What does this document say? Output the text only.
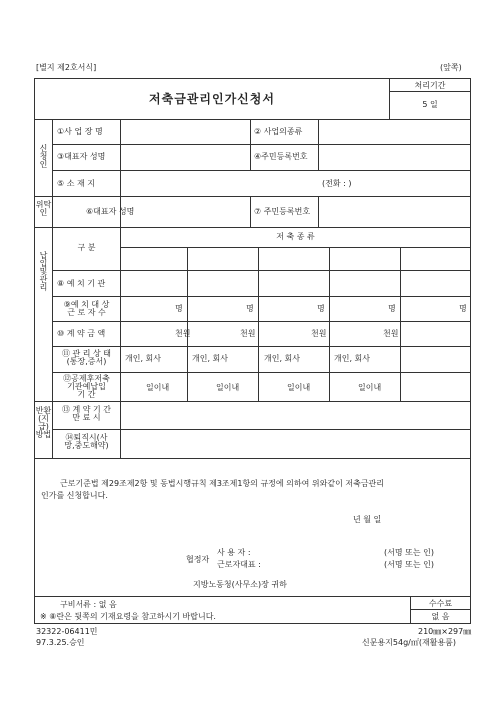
[별지 제2호서식]	(앞쪽)
저축금관리인가신청서
처리기간
5 일
신
청
인
①사 업 장 명	② 사업의종류
③대표자 성명	④주민등록번호
⑤ 소 재 지	(전화 : )
위탁
인	⑥대표자 성명	⑦ 주민등록번호
납
입
및
관
리
구 분
저 축 종 류
⑧ 예 치 기 관
⑨예 치 대 상
근 로 자 수	명	명	명	명	명
⑩ 계 약 금 액	천원	천원	천원	천원
⑪ 관 리 상 태
(통장,증서)	개인, 회사	개인, 회사	개인, 회사	개인, 회사
⑫공제후저축
기관예납입
기 간
일이내	일이내	일이내	일이내
반환
(지
급)
방법
⑬ 계 약 기 간
만 료 시
⑭퇴직시(사
망,중도해약)
근로기준법 제29조제2항 및 동법시행규칙 제3조제1항의 규정에 의하여 위와같이 저축금관리
인가를 신청합니다.
년 월 일
협정자
사 용 자 :
근로자대표 :
(서명 또는 인)
(서명 또는 인)
지방노동청(사무소)장 귀하
구비서류 : 없 음
※ ⑧란은 뒷쪽의 기재요령을 참고하시기 바랍니다.
수수료
없 음
32322-06411민
97.3.25.승인
210㎜×297㎜
신문용지54g/㎡(재활용품)
